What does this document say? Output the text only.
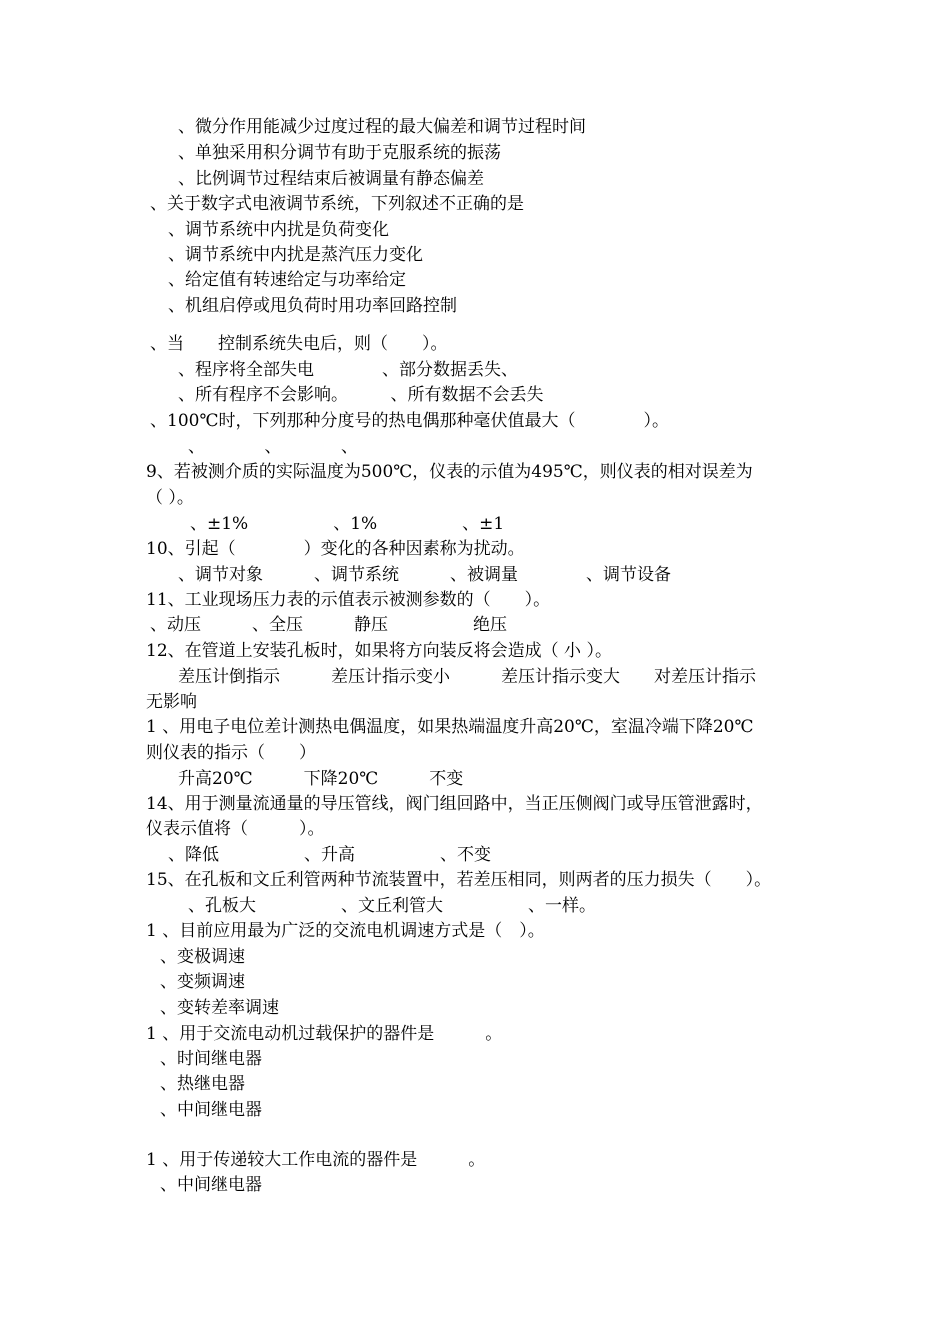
、微分作用能减少过度过程的最大偏差和调节过程时间
、单独采用积分调节有助于克服系统的振荡
、比例调节过程结束后被调量有静态偏差
、关于数字式电液调节系统，下列叙述不正确的是
、调节系统中内扰是负荷变化
、调节系统中内扰是蒸汽压力变化
、给定值有转速给定与功率给定
、机组启停或甩负荷时用功率回路控制
、当　　控制系统失电后，则（　　）。
、程序将全部失电　　　　、部分数据丢失、
、所有程序不会影响。　　　、所有数据不会丢失
、100℃时，下列那种分度号的热电偶那种毫伏值最大（　　　　）。
、　　　　、　　　　、
9、若被测介质的实际温度为500℃，仪表的示值为495℃，则仪表的相对误差为
（ ）。
、±1%　　　　　、1%　　　　　、±1
10、引起（　　　　）变化的各种因素称为扰动。
、调节对象　　　、调节系统　　　、被调量　　　　、调节设备
11、工业现场压力表的示值表示被测参数的（　　）。
、动压　　　、全压　　　静压　　　　　绝压
12、在管道上安装孔板时，如果将方向装反将会造成（ 小 ）。
差压计倒指示　　　差压计指示变小　　　差压计指示变大　　对差压计指示
无影响
1 、用电子电位差计测热电偶温度，如果热端温度升高20℃，室温冷端下降20℃
则仪表的指示（　　）
升高20℃　　　下降20℃　　　不变
14、用于测量流通量的导压管线，阀门组回路中，当正压侧阀门或导压管泄露时，
仪表示值将（　　　）。
、降低　　　　　、升高　　　　　、不变
15、在孔板和文丘利管两种节流装置中，若差压相同，则两者的压力损失（　　）。
、孔板大　　　　　、文丘利管大　　　　　、一样。
1 、目前应用最为广泛的交流电机调速方式是（　）。
、变极调速
、变频调速
、变转差率调速
1 、用于交流电动机过载保护的器件是　　　。
、时间继电器
、热继电器
、中间继电器
1 、用于传递较大工作电流的器件是　　　。
、中间继电器
